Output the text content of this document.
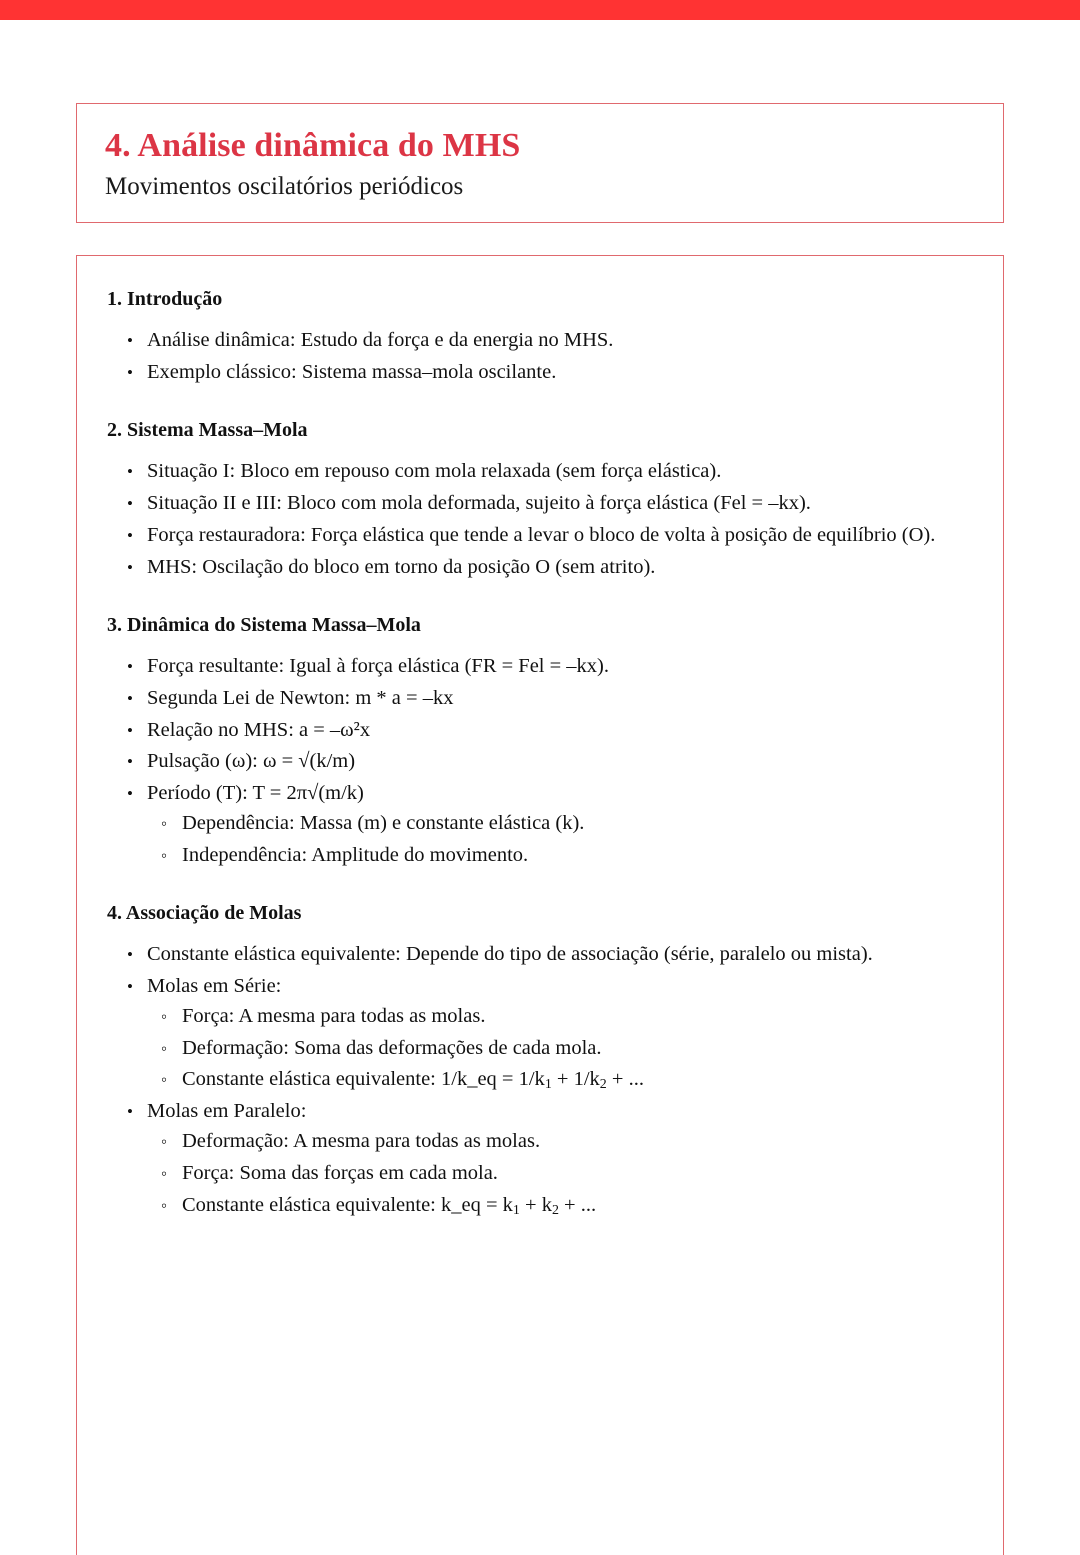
4. Análise dinâmica do MHS

Movimentos oscilatórios periódicos

1. Introdução
• Análise dinâmica: Estudo da força e da energia no MHS.
• Exemplo clássico: Sistema massa–mola oscilante.
2. Sistema Massa–Mola
• Situação I: Bloco em repouso com mola relaxada (sem força elástica).
• Situação II e III: Bloco com mola deformada, sujeito à força elástica (Fel = –kx).
• Força restauradora: Força elástica que tende a levar o bloco de volta à posição de equilíbrio (O).
• MHS: Oscilação do bloco em torno da posição O (sem atrito).
3. Dinâmica do Sistema Massa–Mola
• Força resultante: Igual à força elástica (FR = Fel = –kx).
• Segunda Lei de Newton: m * a = –kx
• Relação no MHS: a = –ω²x
• Pulsação (ω): ω = √(k/m)
• Período (T): T = 2π√(m/k)
◦ Dependência: Massa (m) e constante elástica (k).
◦ Independência: Amplitude do movimento.
4. Associação de Molas
• Constante elástica equivalente: Depende do tipo de associação (série, paralelo ou mista).
• Molas em Série:
◦ Força: A mesma para todas as molas.
◦ Deformação: Soma das deformações de cada mola.
◦ Constante elástica equivalente: 1/k_eq = $1/k_1 + 1/k_2$ + ...
• Molas em Paralelo:
◦ Deformação: A mesma para todas as molas.
◦ Força: Soma das forças em cada mola.
◦ Constante elástica equivalente: k_eq = $k_1 + k_2$ + ...
